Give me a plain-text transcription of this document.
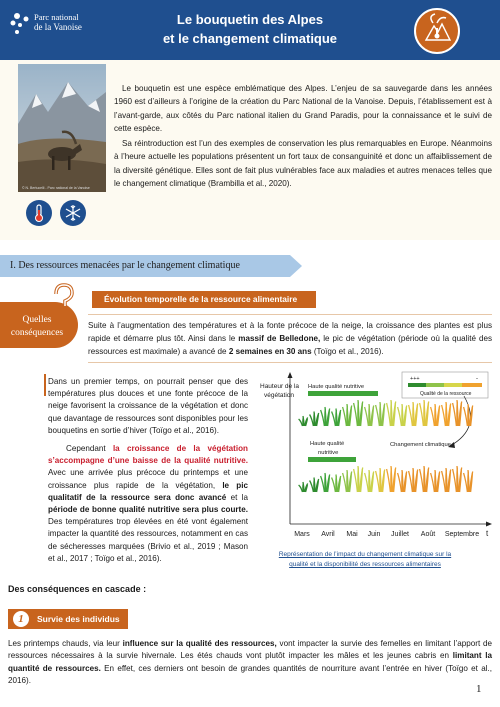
Parc national
de la Vanoise	Le bouquetin des Alpes
et le changement climatique
© N. Bertucelli - Parc national de la Vanoise

Le bouquetin est une espèce emblématique des Alpes. L’enjeu de sa sauvegarde dans les années 1960 est d’ailleurs à l’origine de la création du Parc National de la Vanoise. Depuis, l’établissement est à l’avant-garde, aux côtés du Parc national italien du Grand Paradis, pour la connaissance et le suivi de cette espèce.

Sa réintroduction est l’un des exemples de conservation les plus remarquables en Europe. Néanmoins à l’heure actuelle les populations présentent un fort taux de consanguinité et donc un affaiblissement de la diversité génétique. Elles sont de fait plus vulnérables face aux maladies et autres menaces telles que le changement climatique (Brambilla et al., 2020).

I. Des ressources menacées par le changement climatique
Quelles
conséquences
Évolution temporelle de la ressource alimentaire
Suite à l’augmentation des températures et à la fonte précoce de la neige, la croissance des plantes est plus rapide et démarre plus tôt. Ainsi dans le massif de Belledone, le pic de végétation (période où la qualité des ressources est maximale) a avancé de 2 semaines en 30 ans (Toïgo et al., 2016).

Dans un premier temps, on pourrait penser que des températures plus douces et une fonte précoce de la neige favorisent la croissance de la végétation et donc que davantage de ressources sont disponibles pour les bouquetins en sortie d’hiver (Toïgo et al., 2016).

Cependant la croissance de la végétation s’accompagne d’une baisse de la qualité nutritive. Avec une arrivée plus précoce du printemps et une croissance plus rapide de la végétation, le pic qualitatif de la ressource sera donc avancé et la période de bonne qualité nutritive sera plus courte. Des températures trop élevées en été vont également impacter la quantité des ressources, notamment en cas de sécheresses marquées (Brivio et al., 2019 ; Mason et al., 2017 ; Toïgo et al., 2016).

Hauteur de la
végétation
t
+++	-
Qualité de la ressource
Haute qualité nutritive
Haute qualité
nutritive
Changement climatique
Mars Avril Mai Juin Juillet Août Septembre
Représentation de l’impact du changement climatique sur la
qualité et la disponibilité des ressources alimentaires
Des conséquences en cascade :
1	Survie des individus
Les printemps chauds, via leur influence sur la qualité des ressources, vont impacter la survie des femelles en limitant l’apport de ressources nécessaires à la survie hivernale. Les étés chauds vont plutôt impacter les mâles et les jeunes cabris en limitant la quantité de ressources. En effet, ces derniers ont besoin de grandes quantités de nourriture avant l’entrée en hiver (Toïgo et al., 2016).
1
